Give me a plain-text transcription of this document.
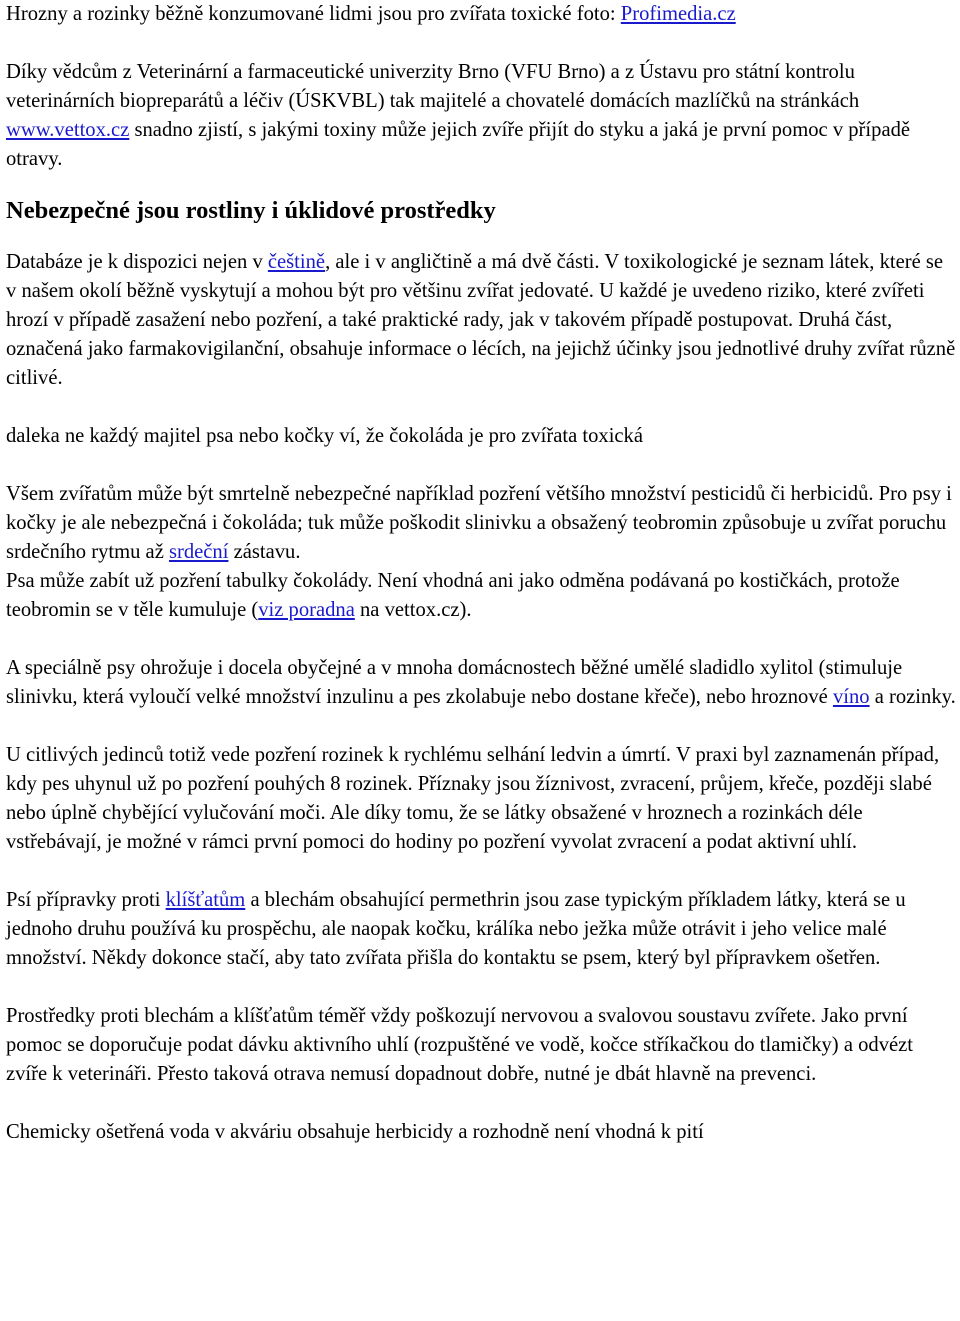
Hrozny a rozinky běžně konzumované lidmi jsou pro zvířata toxické foto: Profimedia.cz

Díky vědcům z Veterinární a farmaceutické univerzity Brno (VFU Brno) a z Ústavu pro státní kontrolu veterinárních biopreparátů a léčiv (ÚSKVBL) tak majitelé a chovatelé domácích mazlíčků na stránkách www.vettox.cz snadno zjistí, s jakými toxiny může jejich zvíře přijít do styku a jaká je první pomoc v případě otravy.

Nebezpečné jsou rostliny i úklidové prostředky

Databáze je k dispozici nejen v češtině, ale i v angličtině a má dvě části. V toxikologické je seznam látek, které se v našem okolí běžně vyskytují a mohou být pro většinu zvířat jedovaté. U každé je uvedeno riziko, které zvířeti hrozí v případě zasažení nebo pozření, a také praktické rady, jak v takovém případě postupovat. Druhá část, označená jako farmakovigilanční, obsahuje informace o lécích, na jejichž účinky jsou jednotlivé druhy zvířat různě citlivé.

daleka ne každý majitel psa nebo kočky ví, že čokoláda je pro zvířata toxická

Všem zvířatům může být smrtelně nebezpečné například pozření většího množství pesticidů či herbicidů. Pro psy i kočky je ale nebezpečná i čokoláda; tuk může poškodit slinivku a obsažený teobromin způsobuje u zvířat poruchu srdečního rytmu až srdeční zástavu.

Psa může zabít už pozření tabulky čokolády. Není vhodná ani jako odměna podávaná po kostičkách, protože teobromin se v těle kumuluje (viz poradna na vettox.cz).

A speciálně psy ohrožuje i docela obyčejné a v mnoha domácnostech běžné umělé sladidlo xylitol (stimuluje slinivku, která vyloučí velké množství inzulinu a pes zkolabuje nebo dostane křeče), nebo hroznové víno a rozinky.

U citlivých jedinců totiž vede pozření rozinek k rychlému selhání ledvin a úmrtí. V praxi byl zaznamenán případ, kdy pes uhynul už po pozření pouhých 8 rozinek. Příznaky jsou žíznivost, zvracení, průjem, křeče, později slabé nebo úplně chybějící vylučování moči. Ale díky tomu, že se látky obsažené v hroznech a rozinkách déle vstřebávají, je možné v rámci první pomoci do hodiny po pozření vyvolat zvracení a podat aktivní uhlí.

Psí přípravky proti klíšťatům a blechám obsahující permethrin jsou zase typickým příkladem látky, která se u jednoho druhu používá ku prospěchu, ale naopak kočku, králíka nebo ježka může otrávit i jeho velice malé množství. Někdy dokonce stačí, aby tato zvířata přišla do kontaktu se psem, který byl přípravkem ošetřen.

Prostředky proti blechám a klíšťatům téměř vždy poškozují nervovou a svalovou soustavu zvířete. Jako první pomoc se doporučuje podat dávku aktivního uhlí (rozpuštěné ve vodě, kočce stříkačkou do tlamičky) a odvézt zvíře k veterináři. Přesto taková otrava nemusí dopadnout dobře, nutné je dbát hlavně na prevenci.

Chemicky ošetřená voda v akváriu obsahuje herbicidy a rozhodně není vhodná k pití
